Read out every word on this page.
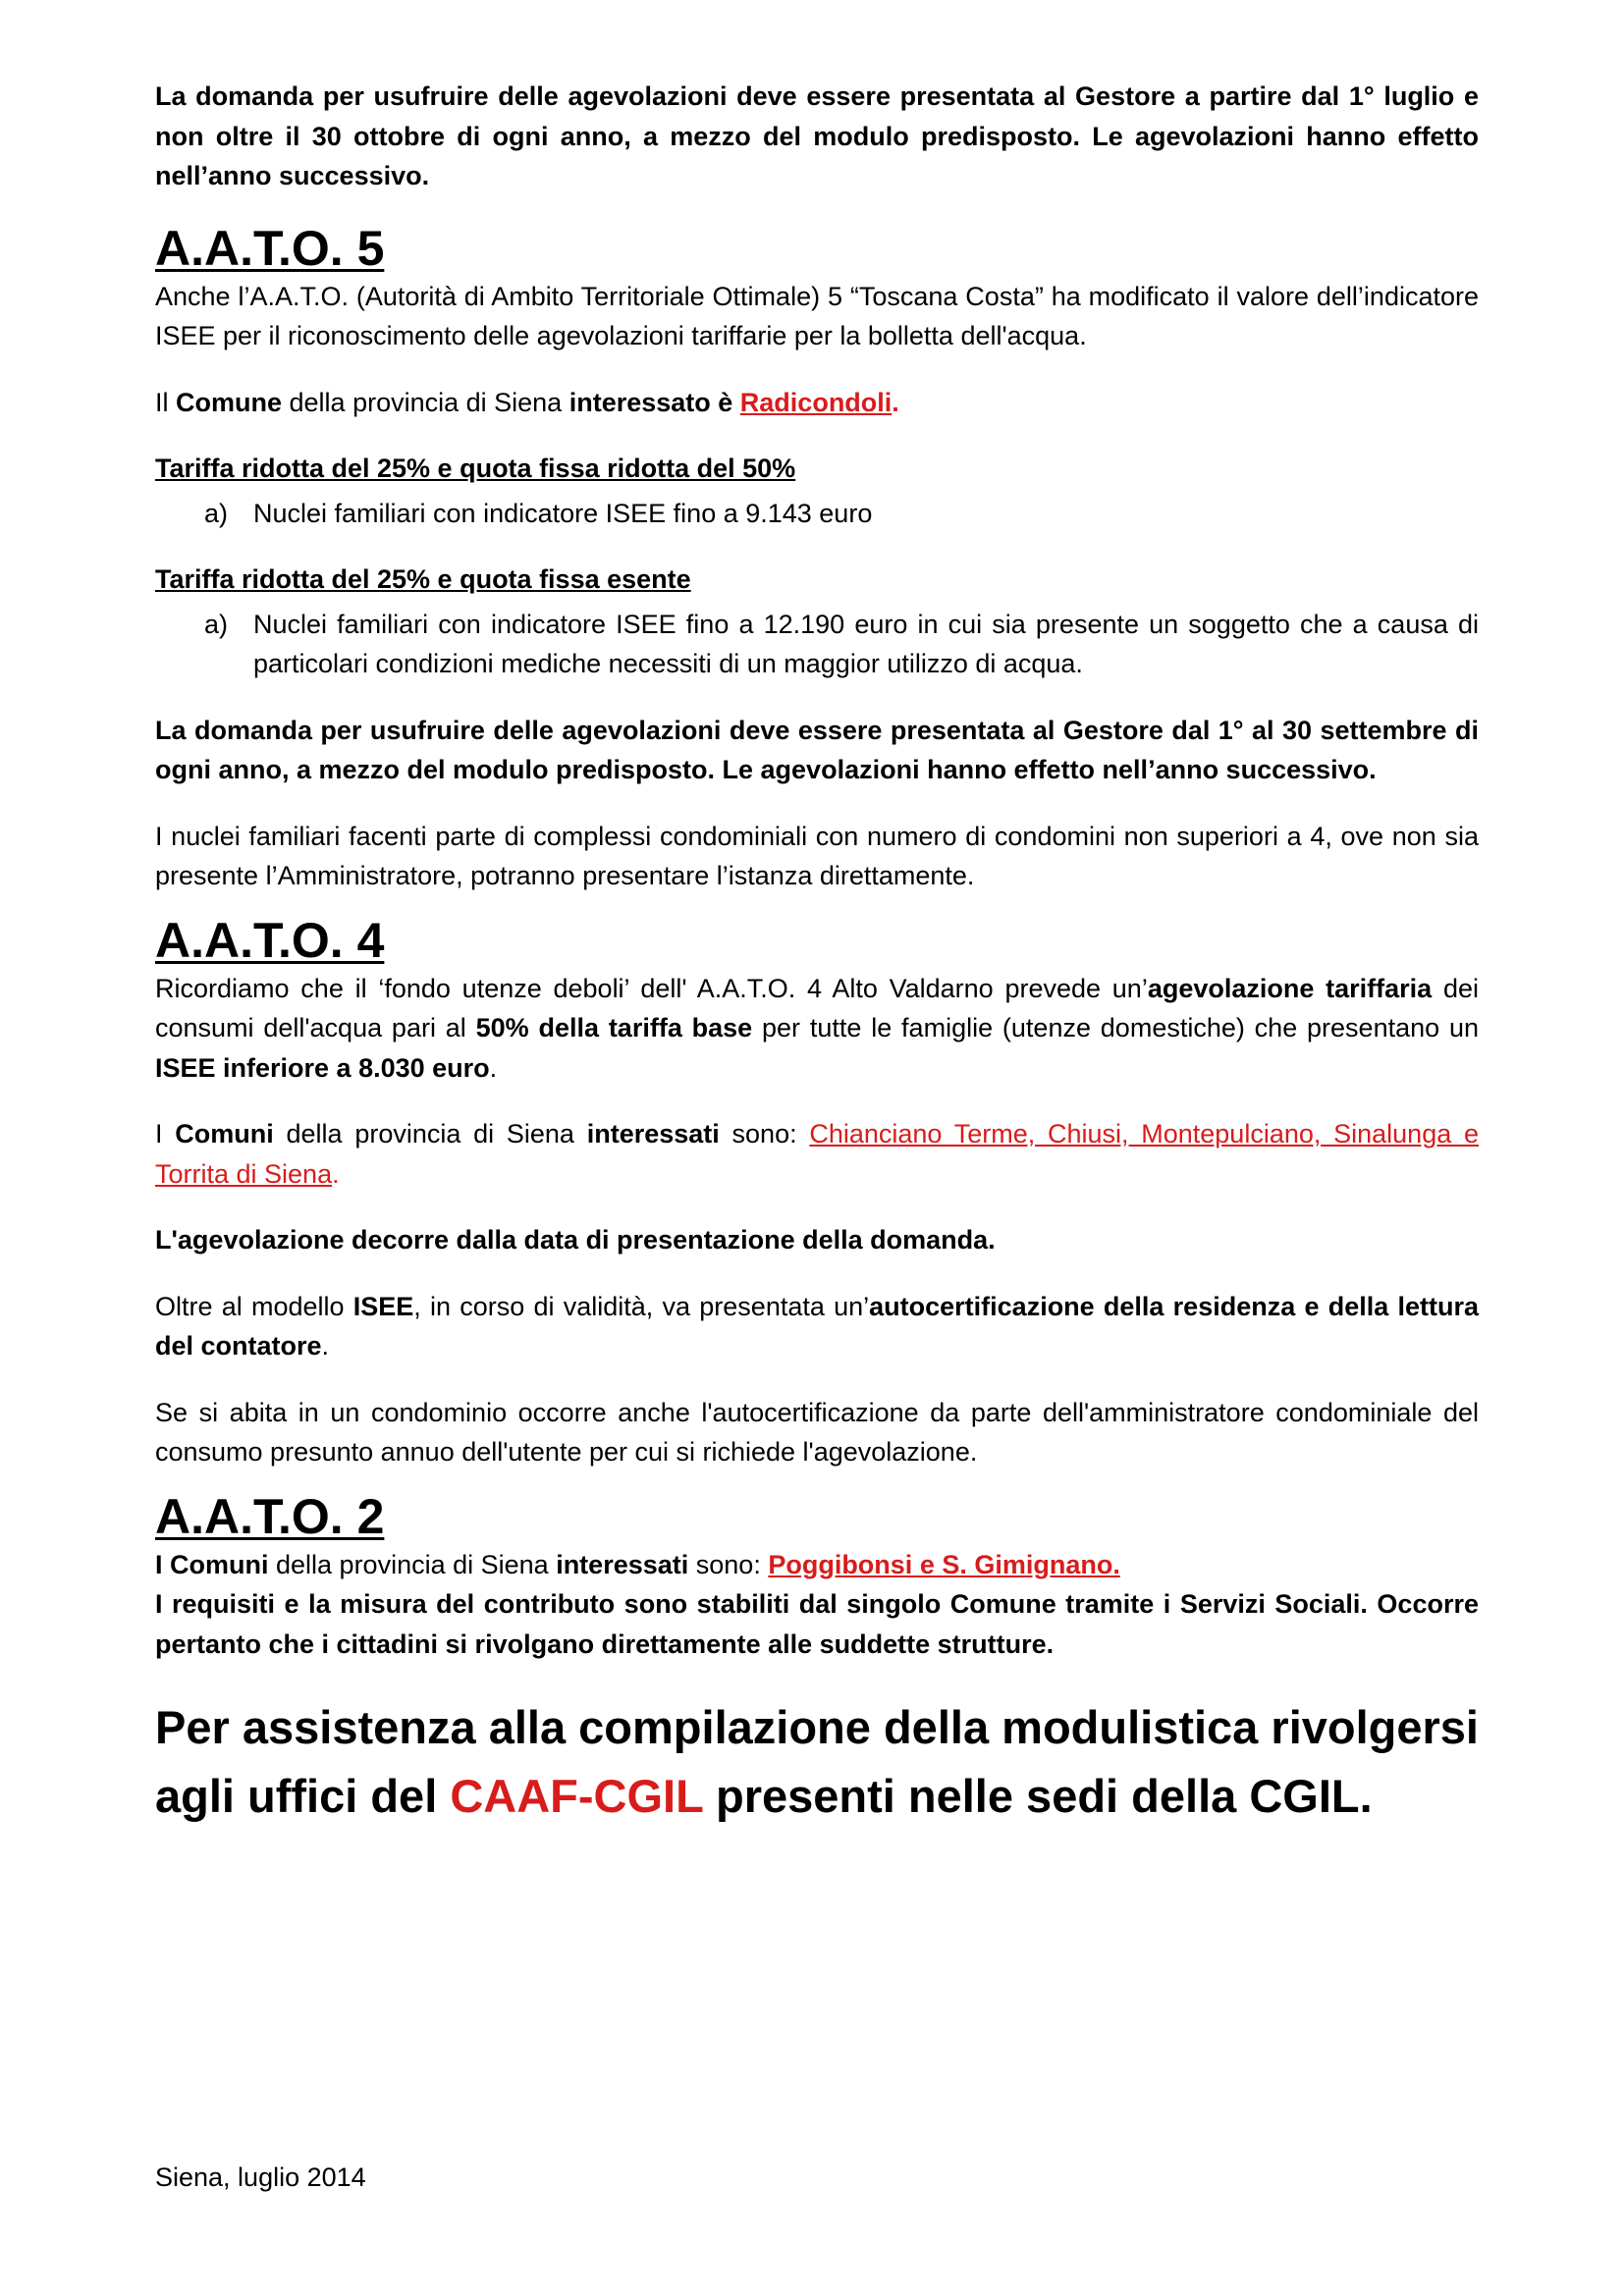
La domanda per usufruire delle agevolazioni deve essere presentata al Gestore a partire dal 1° luglio e non oltre il 30 ottobre di ogni anno, a mezzo del modulo predisposto. Le agevolazioni hanno effetto nell’anno successivo.

A.A.T.O. 5

Anche l’A.A.T.O. (Autorità di Ambito Territoriale Ottimale) 5 “Toscana Costa” ha modificato il valore dell’indicatore ISEE per il riconoscimento delle agevolazioni tariffarie per la bolletta dell'acqua.

Il Comune della provincia di Siena interessato è Radicondoli.

Tariffa ridotta del 25% e quota fissa ridotta del 50%

a) Nuclei familiari con indicatore ISEE fino a 9.143 euro

Tariffa ridotta del 25% e quota fissa esente

a) Nuclei familiari con indicatore ISEE fino a 12.190 euro in cui sia presente un soggetto che a causa di particolari condizioni mediche necessiti di un maggior utilizzo di acqua.

La domanda per usufruire delle agevolazioni deve essere presentata al Gestore dal 1° al 30 settembre di ogni anno, a mezzo del modulo predisposto. Le agevolazioni hanno effetto nell’anno successivo.

I nuclei familiari facenti parte di complessi condominiali con numero di condomini non superiori a 4, ove non sia presente l’Amministratore, potranno presentare l’istanza direttamente.

A.A.T.O. 4

Ricordiamo che il ‘fondo utenze deboli’ dell' A.A.T.O. 4 Alto Valdarno prevede un’agevolazione tariffaria dei consumi dell'acqua pari al 50% della tariffa base per tutte le famiglie (utenze domestiche) che presentano un ISEE inferiore a 8.030 euro.

I Comuni della provincia di Siena interessati sono: Chianciano Terme, Chiusi, Montepulciano, Sinalunga e Torrita di Siena.

L'agevolazione decorre dalla data di presentazione della domanda.

Oltre al modello ISEE, in corso di validità, va presentata un’autocertificazione della residenza e della lettura del contatore.

Se si abita in un condominio occorre anche l'autocertificazione da parte dell'amministratore condominiale del consumo presunto annuo dell'utente per cui si richiede l'agevolazione.

A.A.T.O. 2

I Comuni della provincia di Siena interessati sono: Poggibonsi e S. Gimignano.

I requisiti e la misura del contributo sono stabiliti dal singolo Comune tramite i Servizi Sociali. Occorre pertanto che i cittadini si rivolgano direttamente alle suddette strutture.

Per assistenza alla compilazione della modulistica rivolgersi agli uffici del CAAF-CGIL presenti nelle sedi della CGIL.

Siena, luglio 2014
